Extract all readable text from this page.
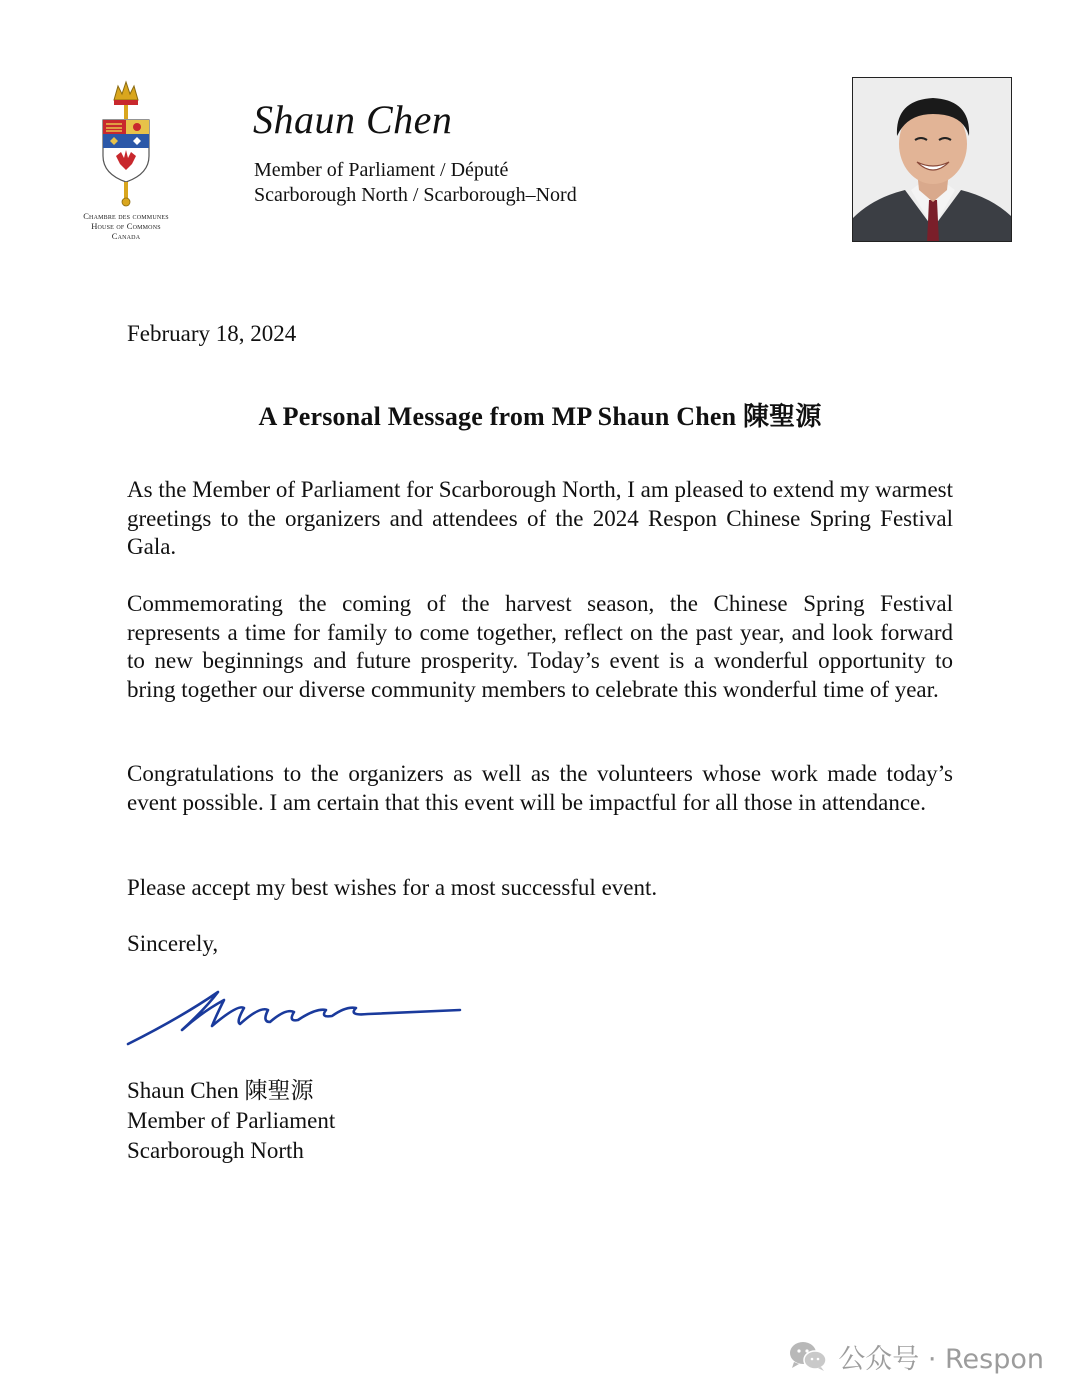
Chambre des communes
House of Commons
Canada
Shaun Chen
Member of Parliament / Député
Scarborough North / Scarborough–Nord
February 18, 2024
A Personal Message from MP Shaun Chen 陳聖源
As the Member of Parliament for Scarborough North, I am pleased to extend my warmest greetings to the organizers and attendees of the 2024 Respon Chinese Spring Festival Gala.
Commemorating the coming of the harvest season, the Chinese Spring Festival represents a time for family to come together, reflect on the past year, and look forward to new beginnings and future prosperity. Today’s event is a wonderful opportunity to bring together our diverse community members to celebrate this wonderful time of year.
Congratulations to the organizers as well as the volunteers whose work made today’s event possible. I am certain that this event will be impactful for all those in attendance.
Please accept my best wishes for a most successful event.
Sincerely,
Shaun Chen 陳聖源
Member of Parliament
Scarborough North
公众号 · Respon
